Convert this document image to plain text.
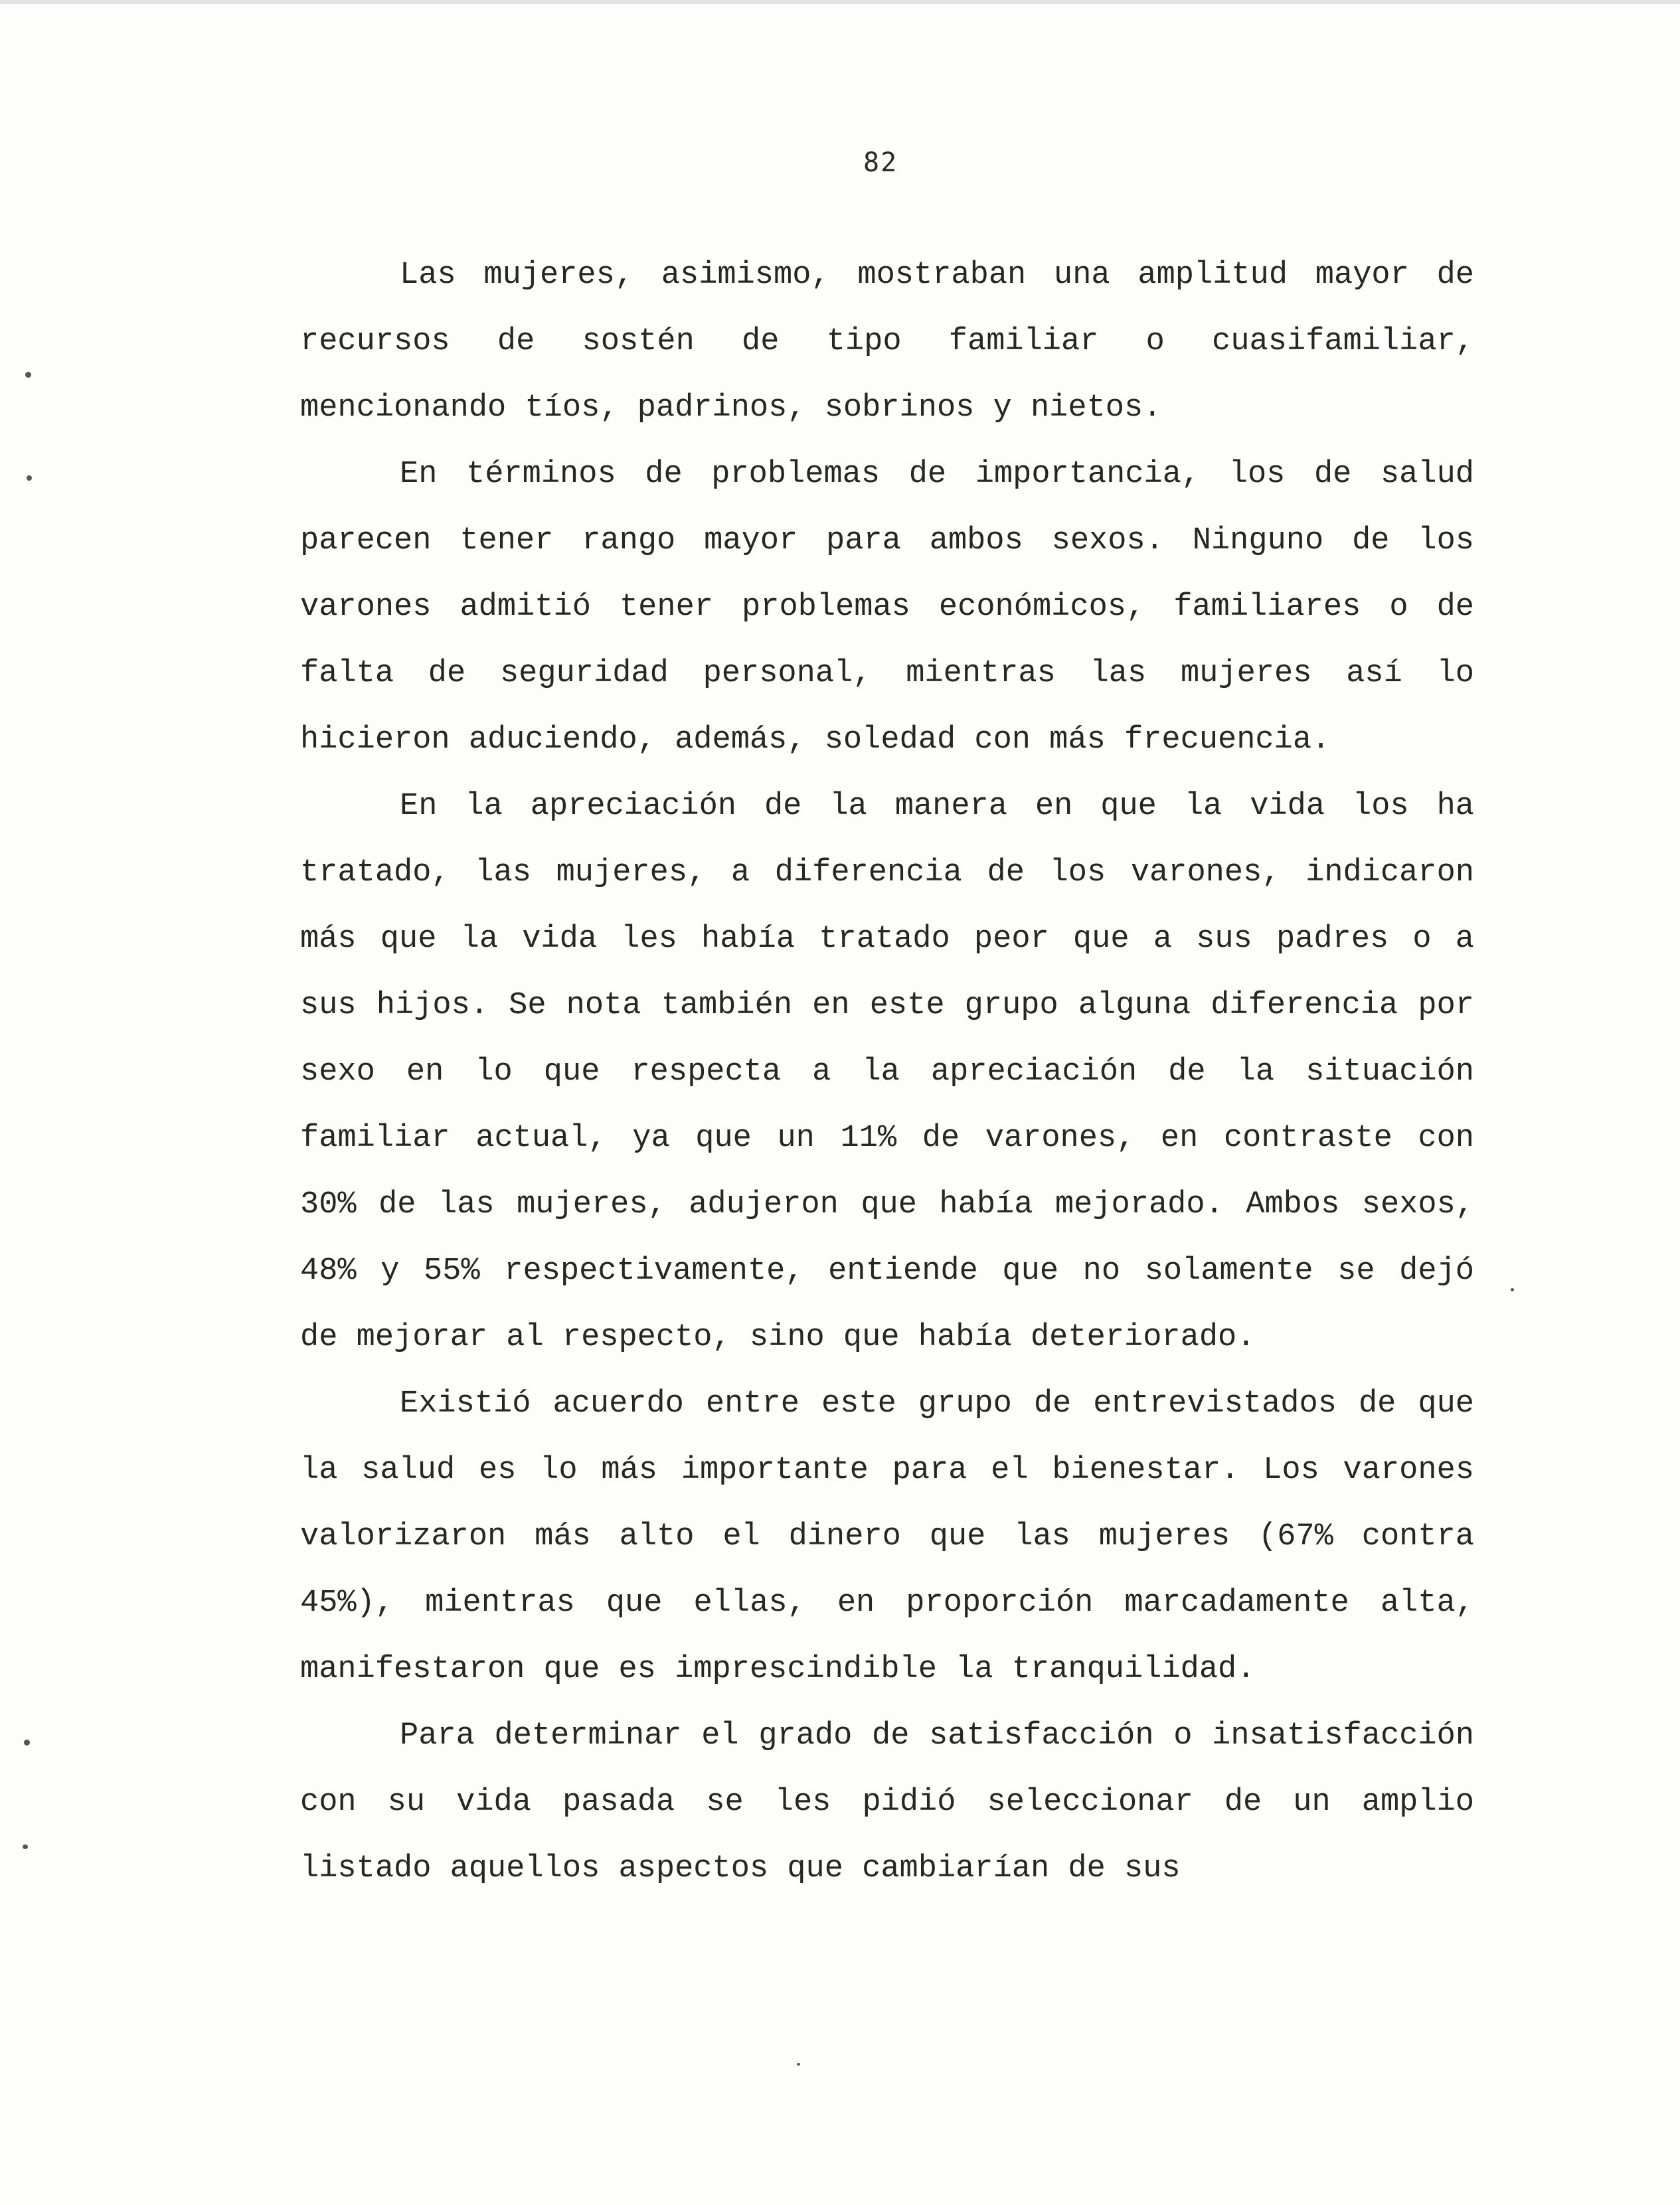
82

Las mujeres, asimismo, mostraban una amplitud mayor de recursos de sostén de tipo familiar o cuasifamiliar, mencionando tíos, padrinos, sobrinos y nietos.

En términos de problemas de importancia, los de salud parecen tener rango mayor para ambos sexos. Ninguno de los varones admitió tener problemas económicos, familiares o de falta de seguridad personal, mientras las mujeres así lo hicieron aduciendo, además, soledad con más frecuencia.

En la apreciación de la manera en que la vida los ha tratado, las mujeres, a diferencia de los varones, indicaron más que la vida les había tratado peor que a sus padres o a sus hijos. Se nota también en este grupo alguna diferencia por sexo en lo que respecta a la apreciación de la situación familiar actual, ya que un 11% de varones, en contraste con 30% de las mujeres, adujeron que había mejorado. Ambos sexos, 48% y 55% respectivamente, entiende que no solamente se dejó de mejorar al respecto, sino que había deteriorado.

Existió acuerdo entre este grupo de entrevistados de que la salud es lo más importante para el bienestar. Los varones valorizaron más alto el dinero que las mujeres (67% contra 45%), mientras que ellas, en proporción marcadamente alta, manifestaron que es imprescindible la tranquilidad.

Para determinar el grado de satisfacción o insatisfacción con su vida pasada se les pidió seleccionar de un amplio listado aquellos aspectos que cambiarían de sus
